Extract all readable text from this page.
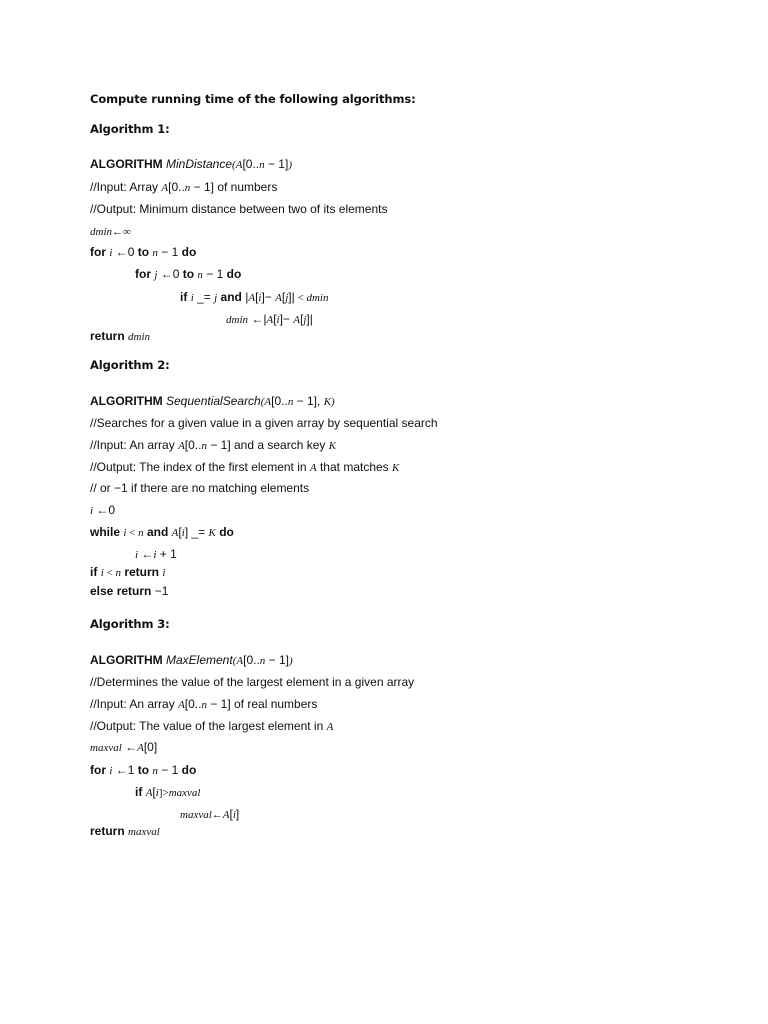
Compute running time of the following algorithms:
Algorithm 1:
ALGORITHM MinDistance(A[0..n − 1])
//Input: Array A[0..n − 1] of numbers
//Output: Minimum distance between two of its elements
dmin←∞
for i ←0 to n − 1 do
for j ←0 to n − 1 do
if i _= j and |A[i]− A[j]| < dmin
dmin ←|A[i]− A[j]|
return dmin
Algorithm 2:
ALGORITHM SequentialSearch(A[0..n − 1], K)
//Searches for a given value in a given array by sequential search
//Input: An array A[0..n − 1] and a search key K
//Output: The index of the first element in A that matches K
// or −1 if there are no matching elements
i ←0
while i < n and A[i] _= K do
i ←i + 1
if i < n return i
else return −1
Algorithm 3:
ALGORITHM MaxElement(A[0..n − 1])
//Determines the value of the largest element in a given array
//Input: An array A[0..n − 1] of real numbers
//Output: The value of the largest element in A
maxval ←A[0]
for i ←1 to n − 1 do
if A[i]>maxval
maxval←A[i]
return maxval
